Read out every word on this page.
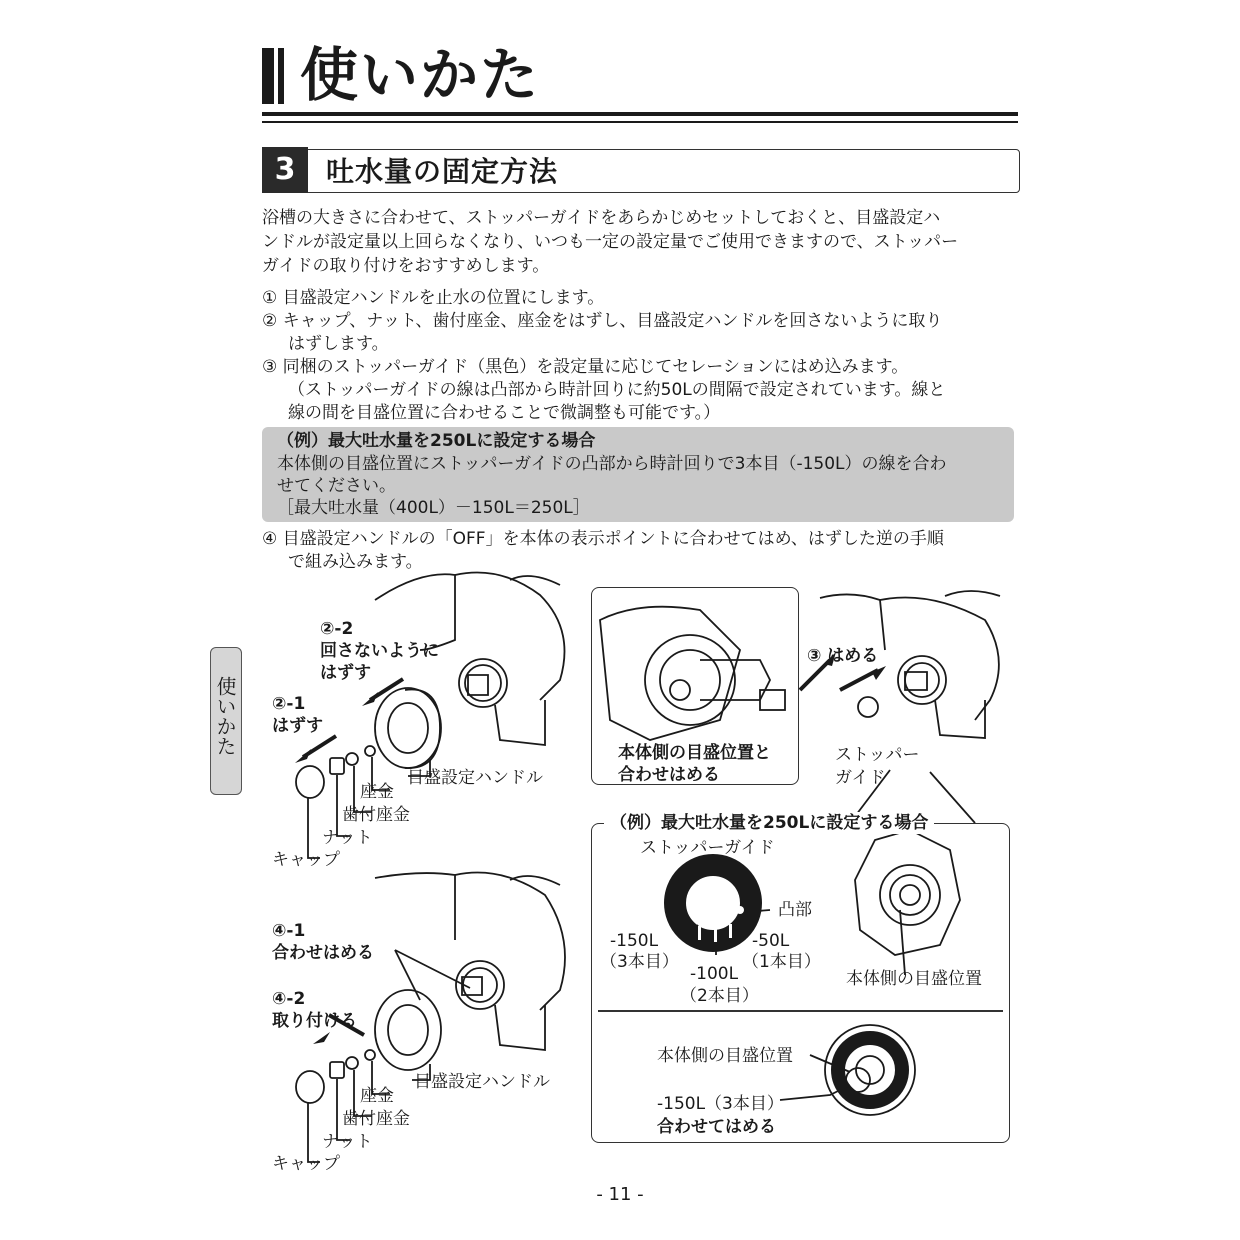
使いかた
3	吐水量の固定方法
浴槽の大きさに合わせて、ストッパーガイドをあらかじめセットしておくと、目盛設定ハ
ンドルが設定量以上回らなくなり、いつも一定の設定量でご使用できますので、ストッパー
ガイドの取り付けをおすすめします。
① 目盛設定ハンドルを止水の位置にします。
② キャップ、ナット、歯付座金、座金をはずし、目盛設定ハンドルを回さないように取り
はずします。
③ 同梱のストッパーガイド（黒色）を設定量に応じてセレーションにはめ込みます。
（ストッパーガイドの線は凸部から時計回りに約50Lの間隔で設定されています。線と
線の間を目盛位置に合わせることで微調整も可能です。）
（例）最大吐水量を250Lに設定する場合
本体側の目盛位置にストッパーガイドの凸部から時計回りで3本目（-150L）の線を合わ
せてください。
［最大吐水量（400L）－150L＝250L］
④ 目盛設定ハンドルの「OFF」を本体の表示ポイントに合わせてはめ、はずした逆の手順
で組み込みます。
使いかた
②-2
回さないように
はずす
②-1
はずす
目盛設定ハンドル
座金
歯付座金
ナット
キャップ
本体側の目盛位置と
合わせはめる
③ はめる
ストッパー
ガイド
④-1
合わせはめる
④-2
取り付ける
目盛設定ハンドル
座金
歯付座金
ナット
キャップ
（例）最大吐水量を250Lに設定する場合
ストッパーガイド
凸部
-150L
（3本目）
-100L
（2本目）
-50L
（1本目）
本体側の目盛位置
本体側の目盛位置
-150L（3本目）
合わせてはめる
- 11 -
